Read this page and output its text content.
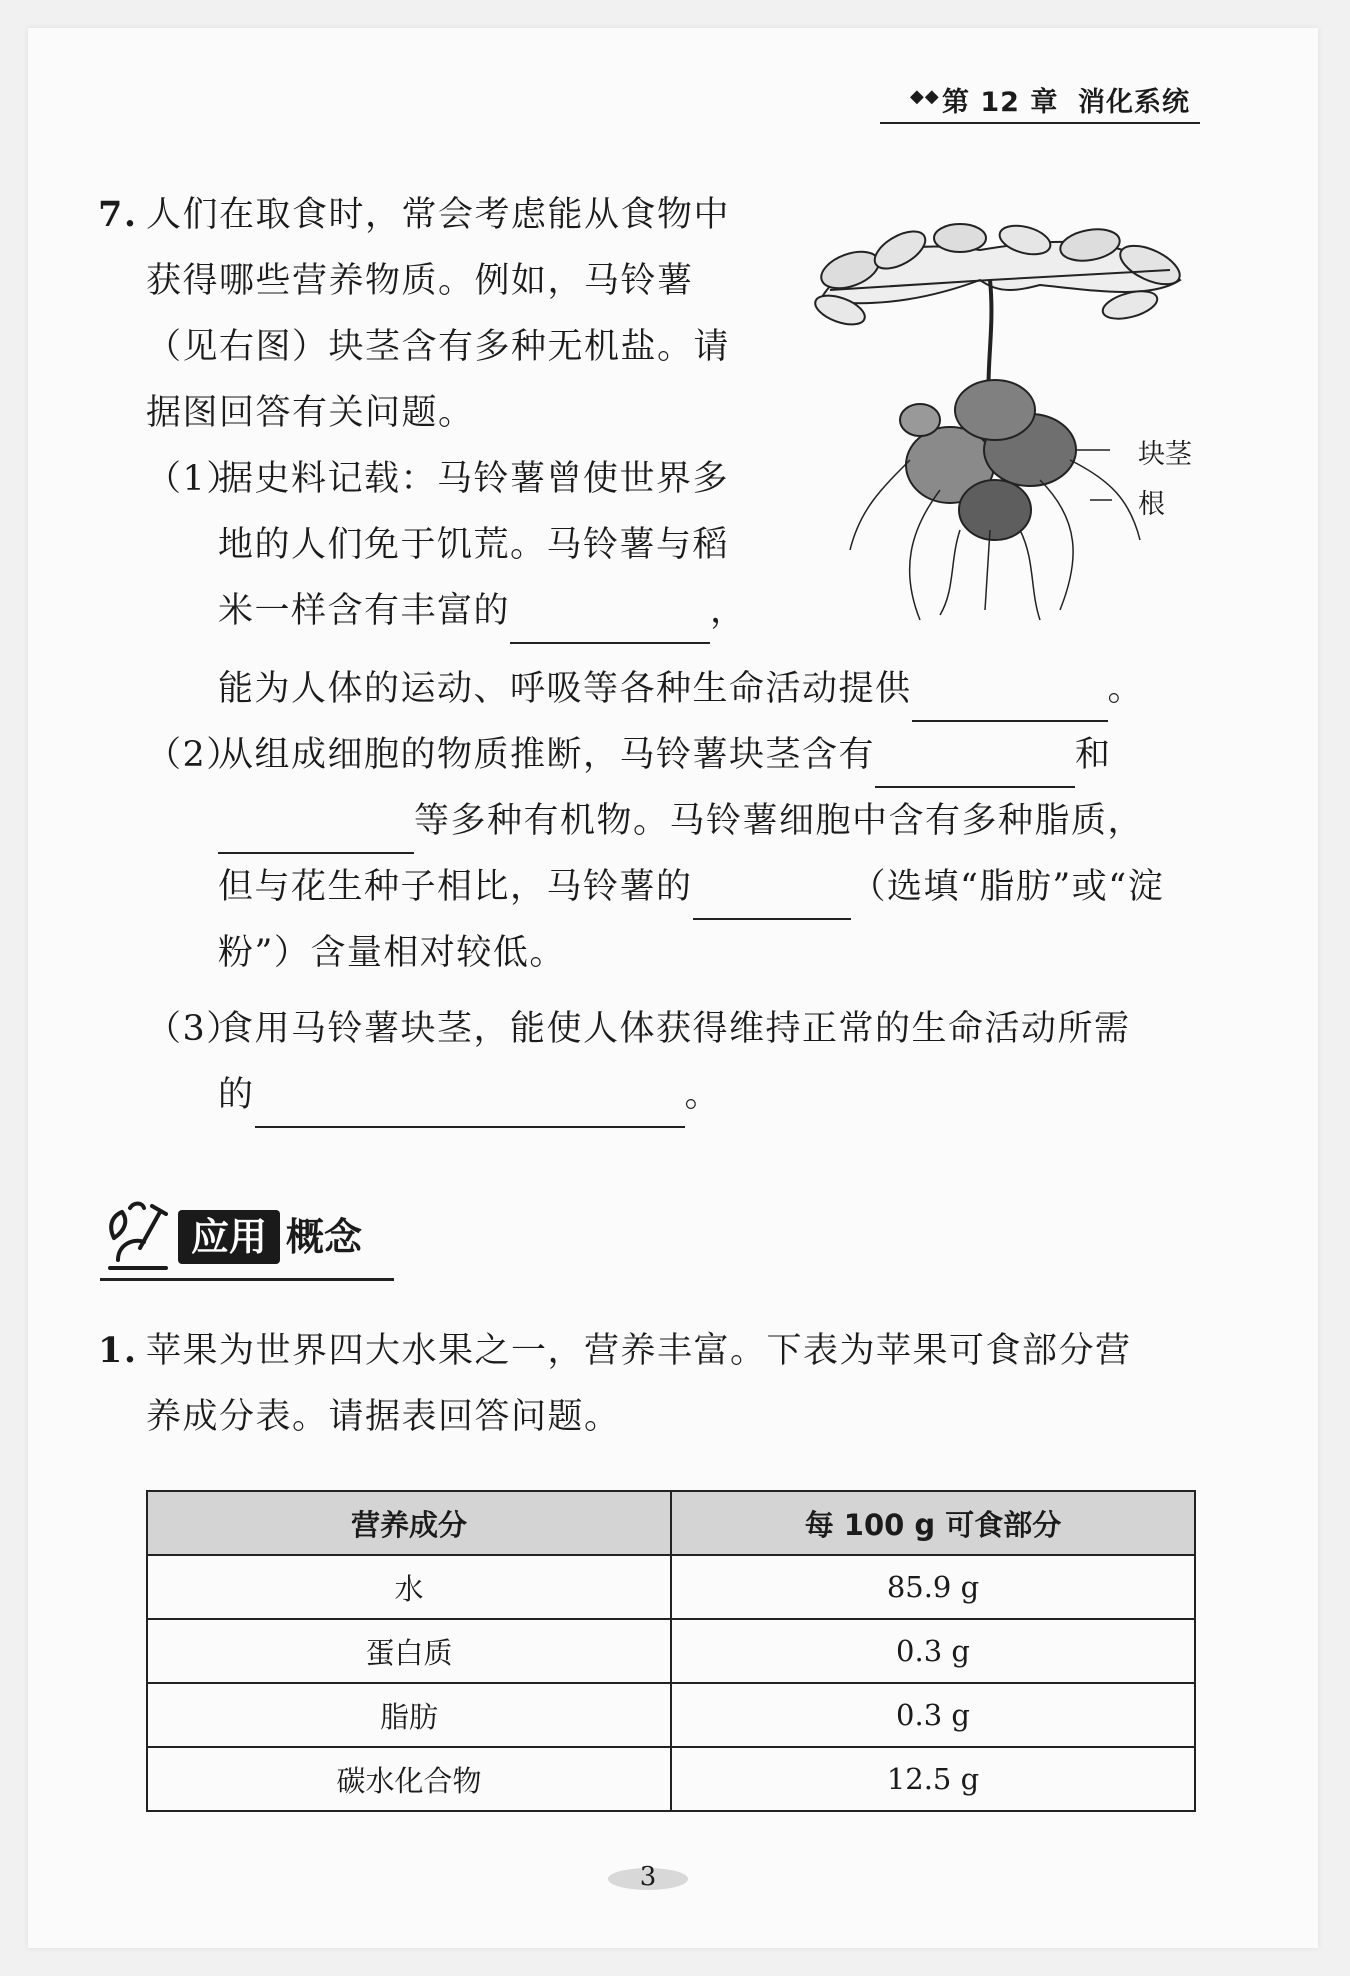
◆◆ 第 12 章 消化系统
7. 人们在取食时，常会考虑能从食物中
获得哪些营养物质。例如，马铃薯
（见右图）块茎含有多种无机盐。请
据图回答有关问题。
（1）
据史料记载：马铃薯曾使世界多
地的人们免于饥荒。马铃薯与稻
米一样含有丰富的	，
能为人体的运动、呼吸等各种生命活动提供	。
（2）
从组成细胞的物质推断，马铃薯块茎含有	和
等多种有机物。马铃薯细胞中含有多种脂质，
但与花生种子相比，马铃薯的	（选填“脂肪”或“淀
粉”）含量相对较低。
（3）
食用马铃薯块茎，能使人体获得维持正常的生命活动所需
的	。
块茎
根
应用 概念
1. 苹果为世界四大水果之一，营养丰富。下表为苹果可食部分营
养成分表。请据表回答问题。
营养成分	每 100 g 可食部分
水	85.9 g
蛋白质	0.3 g
脂肪	0.3 g
碳水化合物	12.5 g
3
